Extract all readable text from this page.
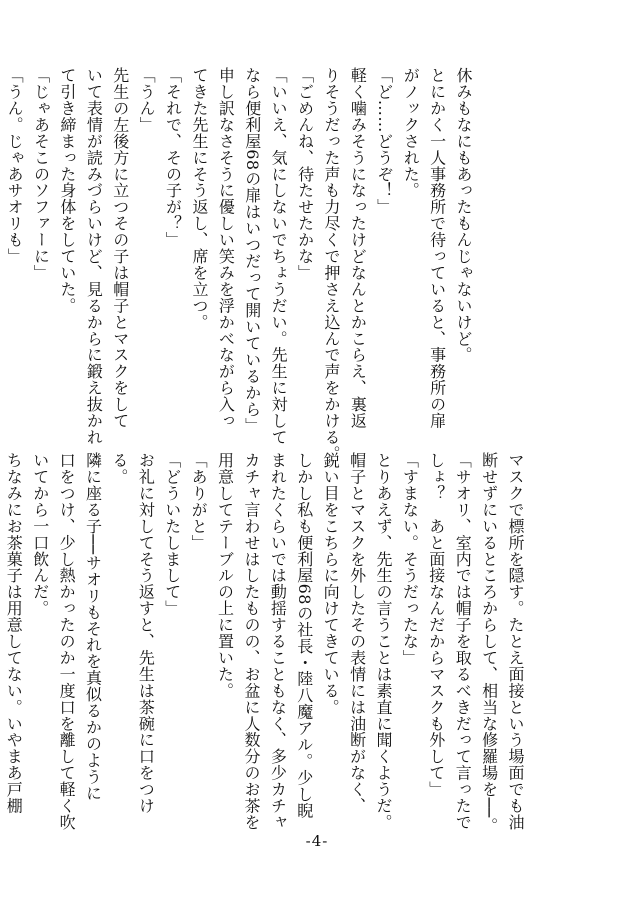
休みもなにもあったもんじゃないけど。

とにかく一人事務所で待っていると、事務所の扉

がノックされた。

「ど……どうぞ！」

軽く噛みそうになったけどなんとかこらえ、裏返

りそうだった声も力尽くで押さえ込んで声をかける。

「ごめんね、待たせたかな」

「いいえ、気にしないでちょうだい。先生に対して

なら便利屋68の扉はいつだって開いているから」

申し訳なさそうに優しい笑みを浮かべながら入っ

てきた先生にそう返し、席を立つ。

「それで、その子が？」

「うん」

先生の左後方に立つその子は帽子とマスクをして

いて表情が読みづらいけど、見るからに鍛え抜かれ

て引き締まった身体をしていた。

「じゃあそこのソファーに」

「うん。じゃあサオリも」

マスクで標所を隠す。たとえ面接という場面でも油

断せずにいるところからして、相当な修羅場を──。

「サオリ、室内では帽子を取るべきだって言ったで

しょ？　あと面接なんだからマスクも外して」

「すまない。そうだったな」

とりあえず、先生の言うことは素直に聞くようだ。

帽子とマスクを外したその表情には油断がなく、

鋭い目をこちらに向けてきている。

しかし私も便利屋68の社長・陸八魔アル。少し睨

まれたくらいでは動揺することもなく、多少カチャ

カチャ言わせはしたものの、お盆に人数分のお茶を

用意してテーブルの上に置いた。

「ありがと」

「どういたしまして」

お礼に対してそう返すと、先生は茶碗に口をつけ

る。

隣に座る子──サオリもそれを真似るかのように

口をつけ、少し熱かったのか一度口を離して軽く吹

いてから一口飲んだ。

ちなみにお茶菓子は用意してない。いやまあ戸棚

-4-
